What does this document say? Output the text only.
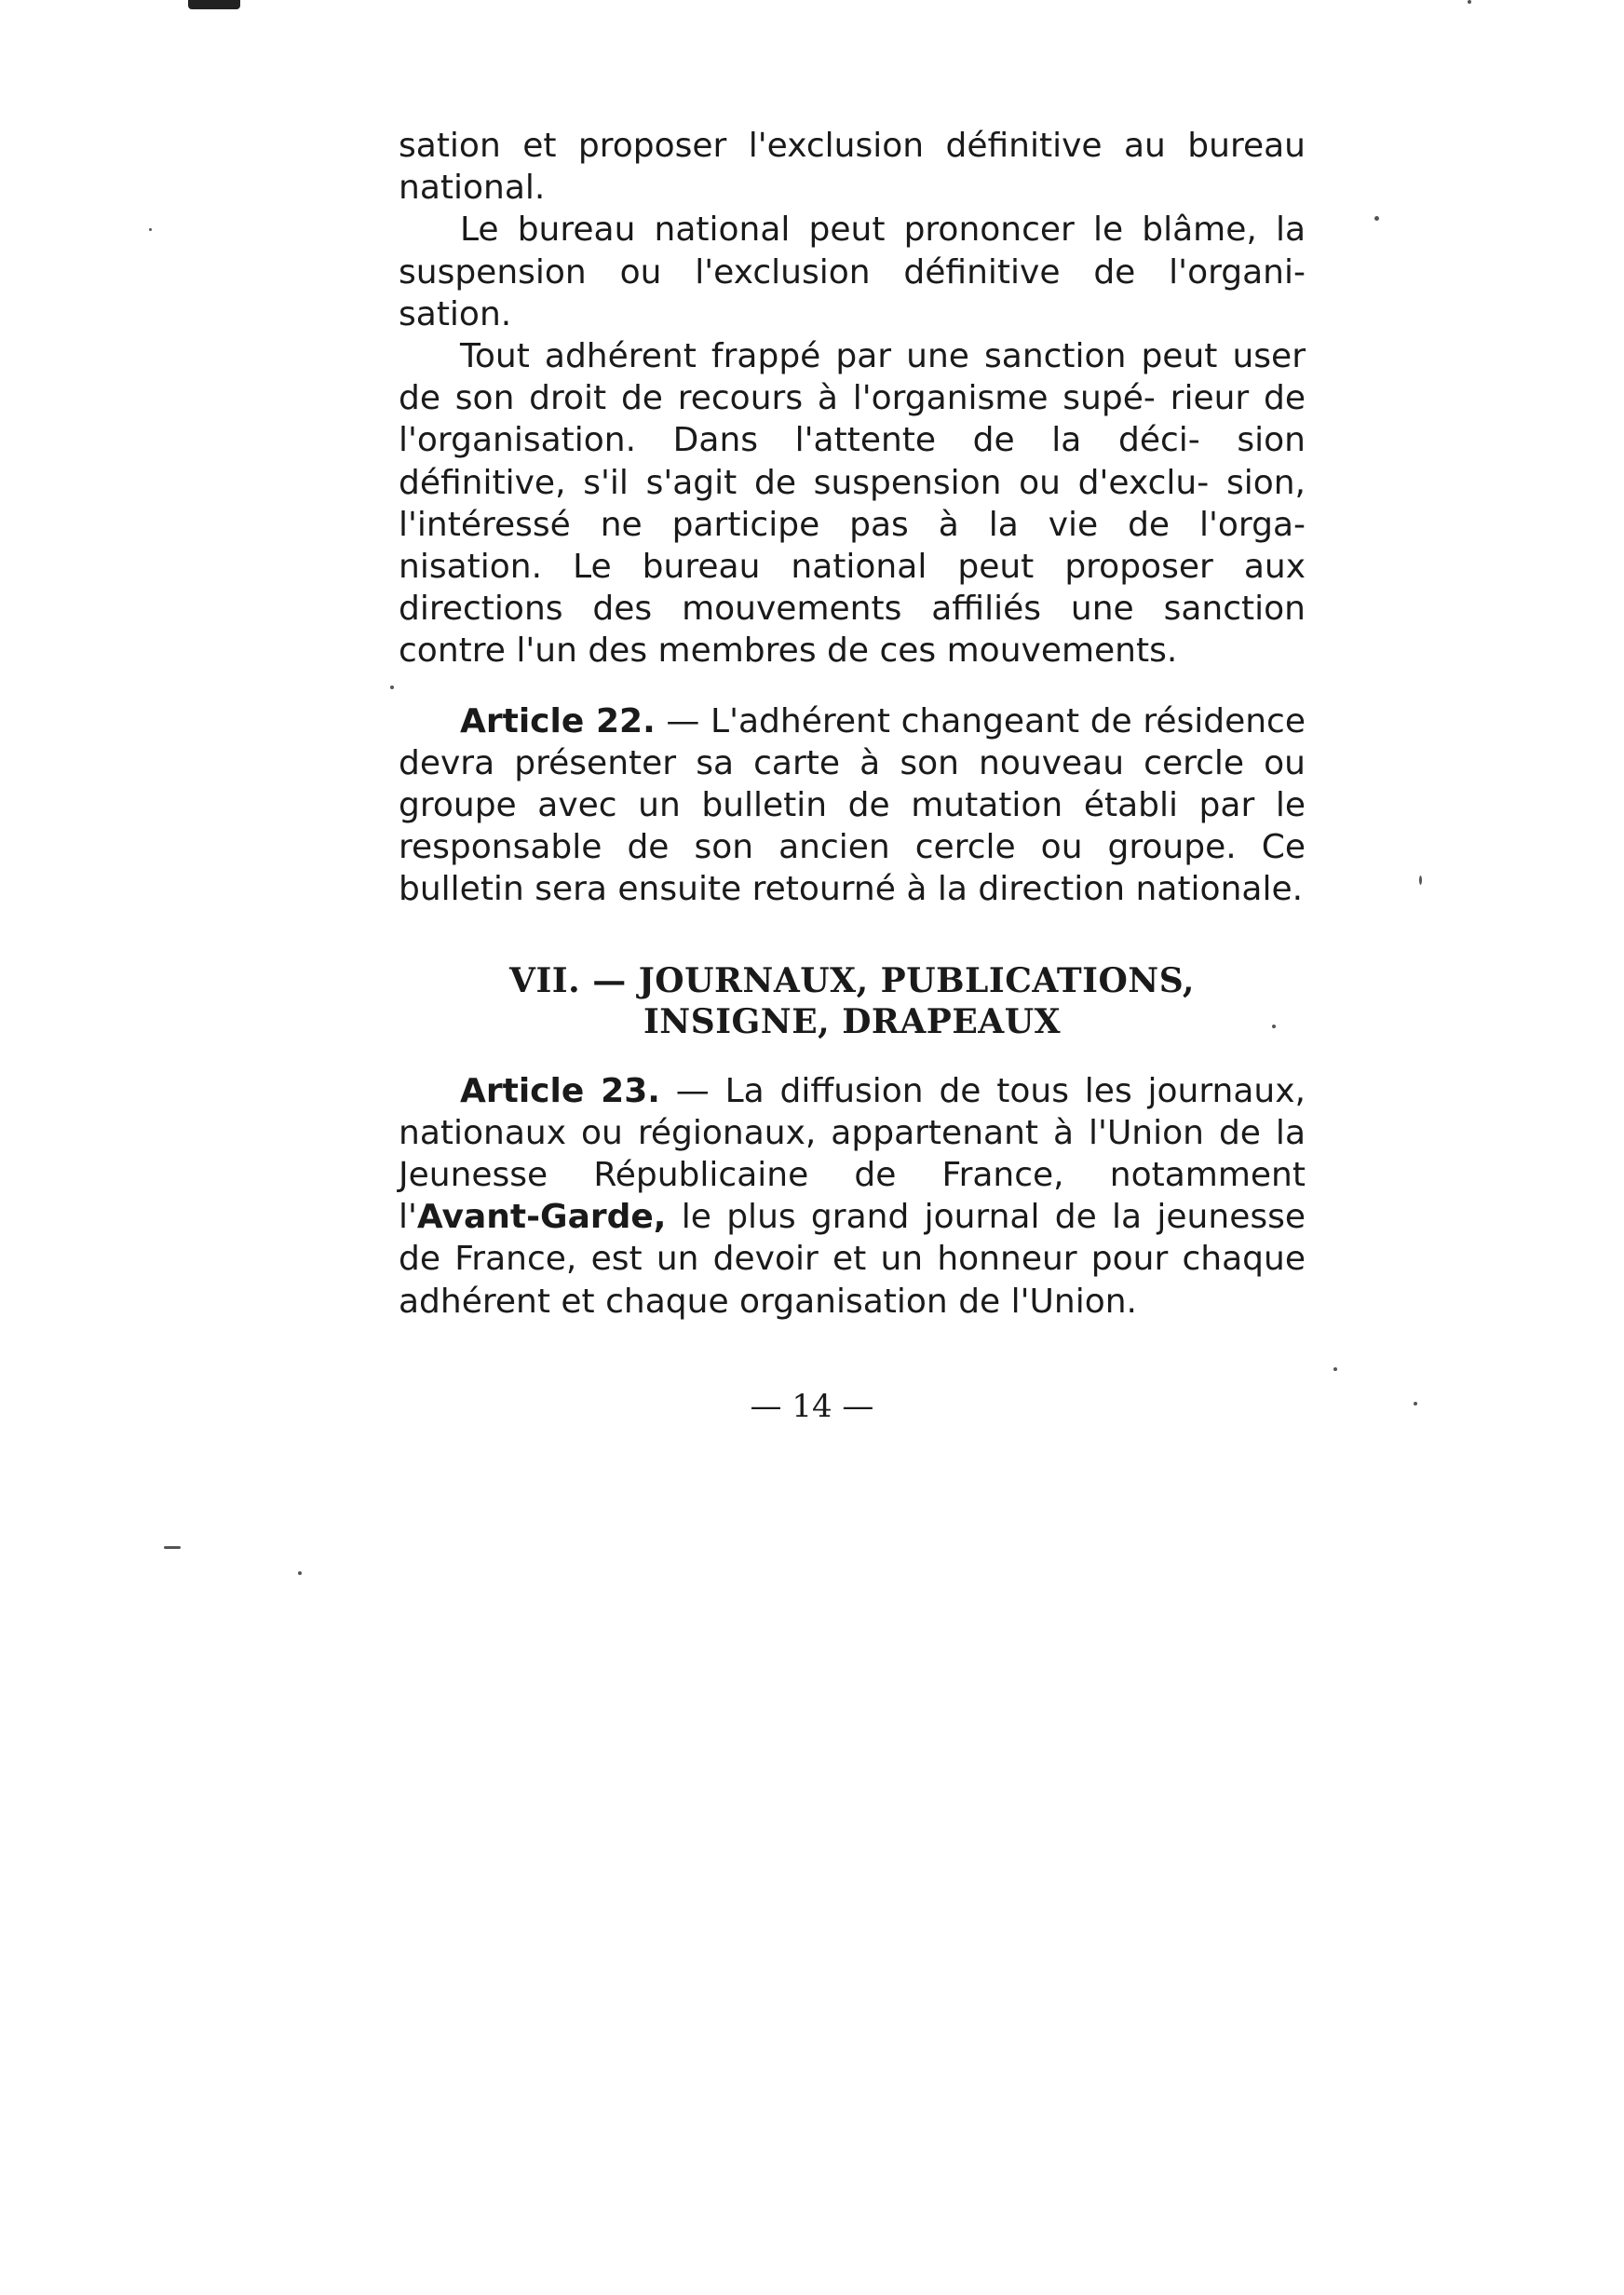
sation et proposer l'exclusion définitive au bureau national.

Le bureau national peut prononcer le blâme, la suspension ou l'exclusion définitive de l'organi- sation.

Tout adhérent frappé par une sanction peut user de son droit de recours à l'organisme supé- rieur de l'organisation. Dans l'attente de la déci- sion définitive, s'il s'agit de suspension ou d'exclu- sion, l'intéressé ne participe pas à la vie de l'orga- nisation. Le bureau national peut proposer aux directions des mouvements affiliés une sanction contre l'un des membres de ces mouvements.

Article 22. — L'adhérent changeant de résidence devra présenter sa carte à son nouveau cercle ou groupe avec un bulletin de mutation établi par le responsable de son ancien cercle ou groupe. Ce bulletin sera ensuite retourné à la direction nationale.

VII. — JOURNAUX, PUBLICATIONS,
INSIGNE, DRAPEAUX

Article 23. — La diffusion de tous les journaux, nationaux ou régionaux, appartenant à l'Union de la Jeunesse Républicaine de France, notamment l'Avant-Garde, le plus grand journal de la jeunesse de France, est un devoir et un honneur pour chaque adhérent et chaque organisation de l'Union.

— 14 —
